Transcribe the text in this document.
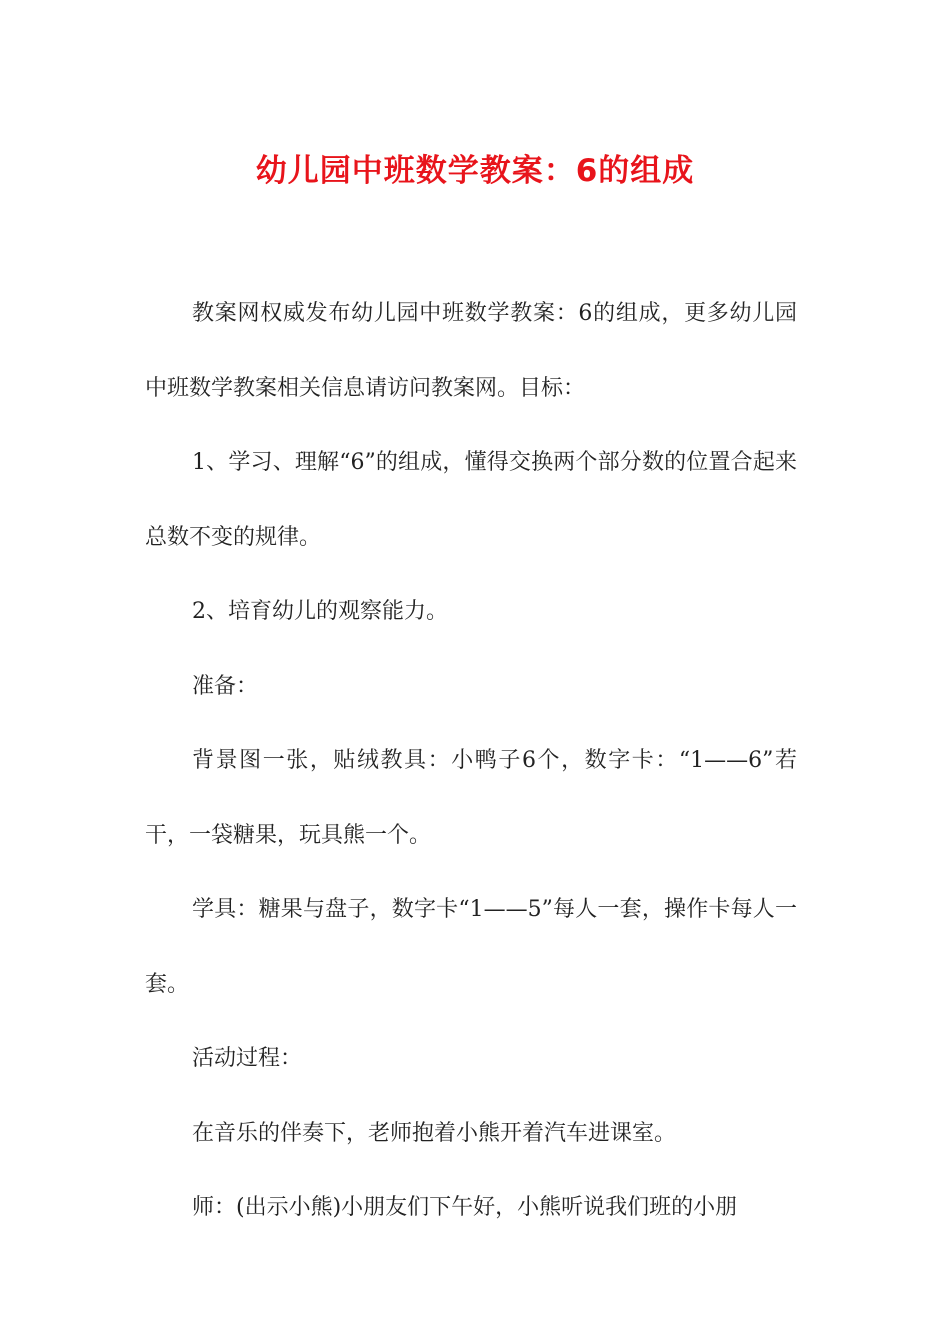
幼儿园中班数学教案：6的组成

教案网权威发布幼儿园中班数学教案：6的组成，更多幼儿园中班数学教案相关信息请访问教案网。目标：

1、学习、理解“6”的组成，懂得交换两个部分数的位置合起来总数不变的规律。

2、培育幼儿的观察能力。

准备：

背景图一张，贴绒教具：小鸭子6个，数字卡：“1——6”若干，一袋糖果，玩具熊一个。

学具：糖果与盘子，数字卡“1——5”每人一套，操作卡每人一套。

活动过程：

在音乐的伴奏下，老师抱着小熊开着汽车进课室。

师：(出示小熊)小朋友们下午好，小熊听说我们班的小朋
